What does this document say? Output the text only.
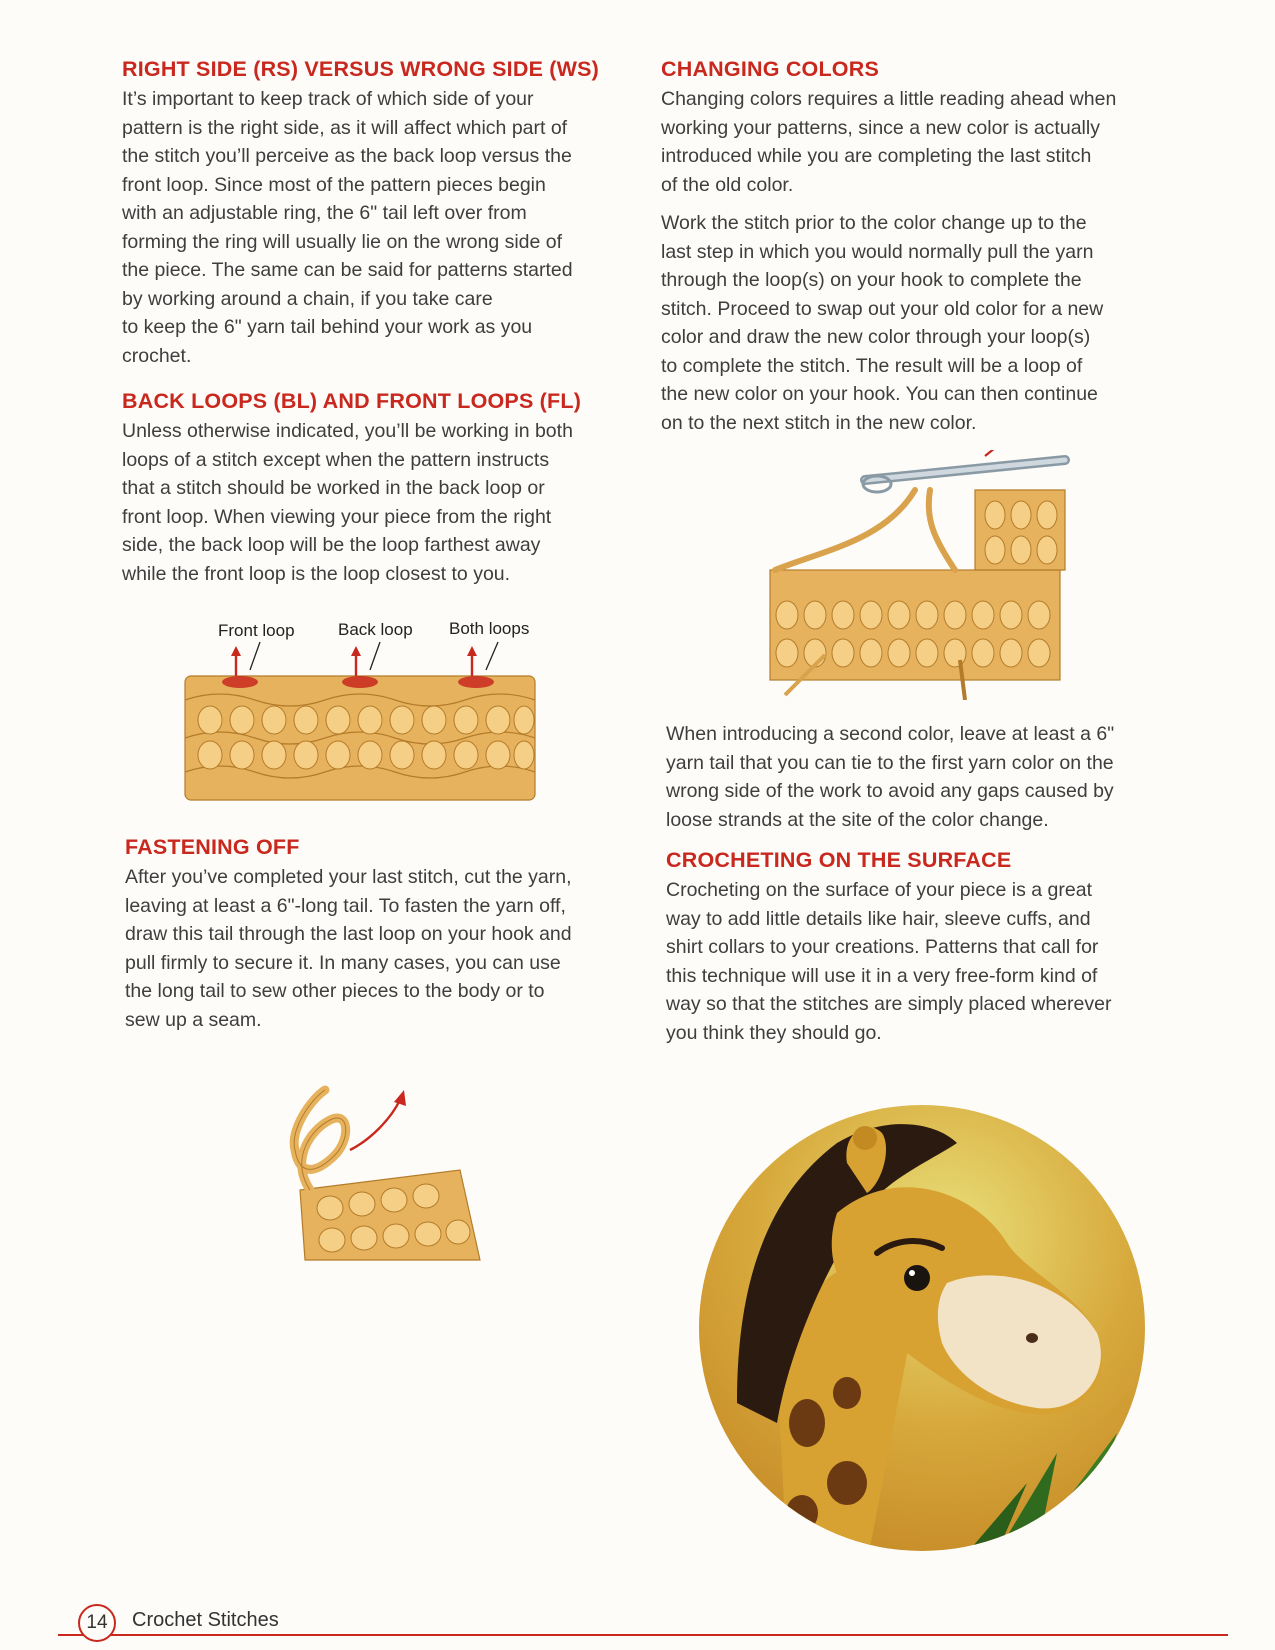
RIGHT SIDE (RS) VERSUS WRONG SIDE (WS)

It’s important to keep track of which side of your
pattern is the right side, as it will affect which part of
the stitch you’ll perceive as the back loop versus the
front loop. Since most of the pattern pieces begin
with an adjustable ring, the 6" tail left over from
forming the ring will usually lie on the wrong side of
the piece. The same can be said for patterns started
by working around a chain, if you take care
to keep the 6" yarn tail behind your work as you
crochet.

BACK LOOPS (BL) AND FRONT LOOPS (FL)

Unless otherwise indicated, you’ll be working in both
loops of a stitch except when the pattern instructs
that a stitch should be worked in the back loop or
front loop. When viewing your piece from the right
side, the back loop will be the loop farthest away
while the front loop is the loop closest to you.

Front loop	Back loop Both loops
FASTENING OFF

After you’ve completed your last stitch, cut the yarn,
leaving at least a 6"-long tail. To fasten the yarn off,
draw this tail through the last loop on your hook and
pull firmly to secure it. In many cases, you can use
the long tail to sew other pieces to the body or to
sew up a seam.

CHANGING COLORS

Changing colors requires a little reading ahead when
working your patterns, since a new color is actually
introduced while you are completing the last stitch
of the old color.

Work the stitch prior to the color change up to the
last step in which you would normally pull the yarn
through the loop(s) on your hook to complete the
stitch. Proceed to swap out your old color for a new
color and draw the new color through your loop(s)
to complete the stitch. The result will be a loop of
the new color on your hook. You can then continue
on to the next stitch in the new color.

When introducing a second color, leave at least a 6"
yarn tail that you can tie to the first yarn color on the
wrong side of the work to avoid any gaps caused by
loose strands at the site of the color change.

CROCHETING ON THE SURFACE

Crocheting on the surface of your piece is a great
way to add little details like hair, sleeve cuffs, and
shirt collars to your creations. Patterns that call for
this technique will use it in a very free-form kind of
way so that the stitches are simply placed wherever
you think they should go.

14	Crochet Stitches
